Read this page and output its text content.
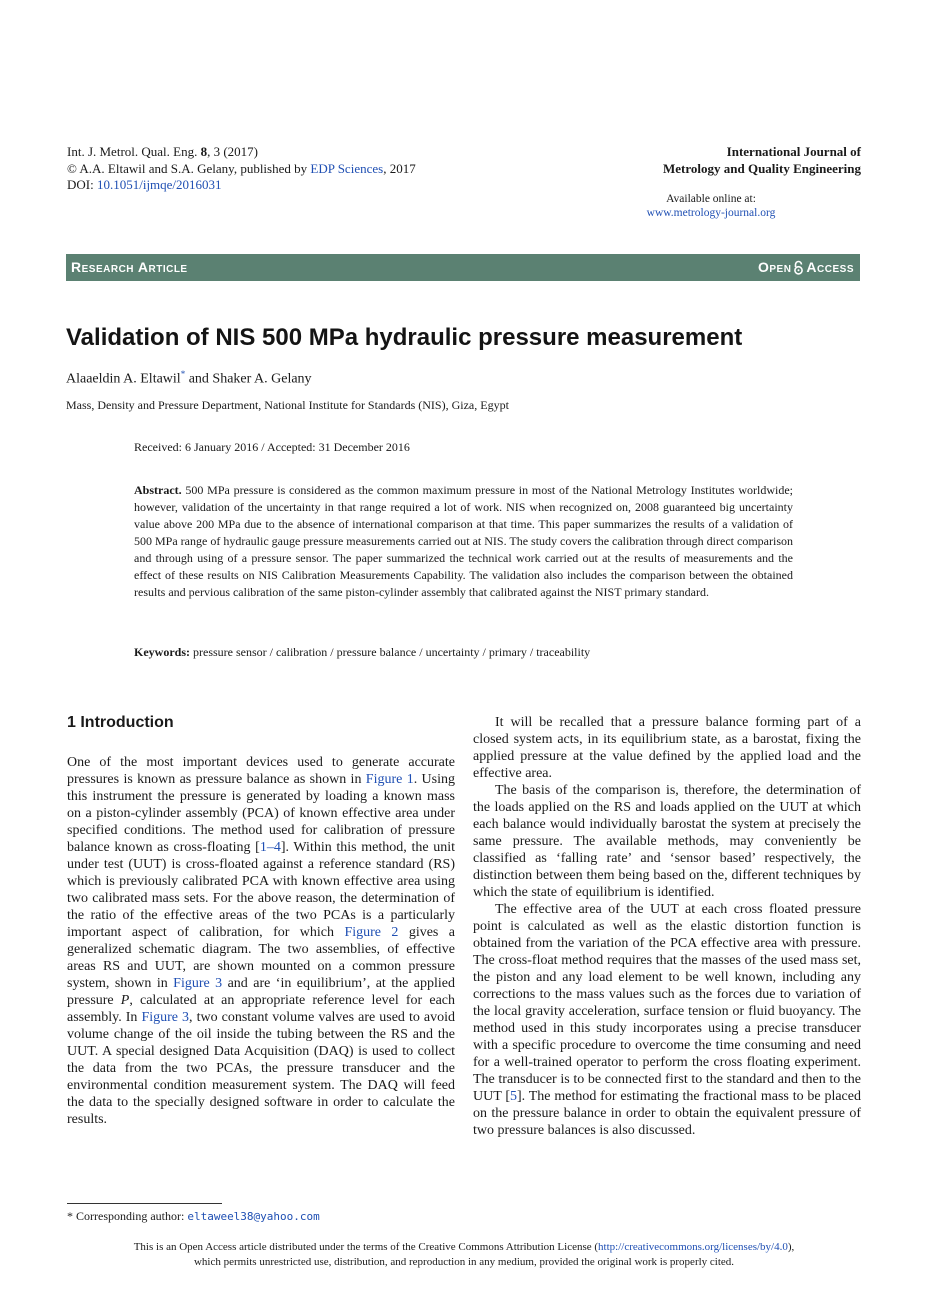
Int. J. Metrol. Qual. Eng. 8, 3 (2017)
© A.A. Eltawil and S.A. Gelany, published by EDP Sciences, 2017
DOI: 10.1051/ijmqe/2016031
International Journal of
Metrology and Quality Engineering
Available online at:
www.metrology-journal.org
Research Article	Open Access
Validation of NIS 500 MPa hydraulic pressure measurement
Alaaeldin A. Eltawil* and Shaker A. Gelany
Mass, Density and Pressure Department, National Institute for Standards (NIS), Giza, Egypt
Received: 6 January 2016 / Accepted: 31 December 2016
Abstract. 500 MPa pressure is considered as the common maximum pressure in most of the National Metrology Institutes worldwide; however, validation of the uncertainty in that range required a lot of work. NIS when recognized on, 2008 guaranteed big uncertainty value above 200 MPa due to the absence of international comparison at that time. This paper summarizes the results of a validation of 500 MPa range of hydraulic gauge pressure measurements carried out at NIS. The study covers the calibration through direct comparison and through using of a pressure sensor. The paper summarized the technical work carried out at the results of measurements and the effect of these results on NIS Calibration Measurements Capability. The validation also includes the comparison between the obtained results and pervious calibration of the same piston-cylinder assembly that calibrated against the NIST primary standard.
Keywords: pressure sensor / calibration / pressure balance / uncertainty / primary / traceability
1 Introduction

One of the most important devices used to generate accurate pressures is known as pressure balance as shown in Figure 1. Using this instrument the pressure is generated by loading a known mass on a piston-cylinder assembly (PCA) of known effective area under specified conditions. The method used for calibration of pressure balance known as cross-floating [1–4]. Within this method, the unit under test (UUT) is cross-floated against a reference standard (RS) which is previously calibrated PCA with known effective area using two calibrated mass sets. For the above reason, the determination of the ratio of the effective areas of the two PCAs is a particularly important aspect of calibration, for which Figure 2 gives a generalized schematic diagram. The two assemblies, of effective areas RS and UUT, are shown mounted on a common pressure system, shown in Figure 3 and are ‘in equilibrium’, at the applied pressure P, calculated at an appropriate reference level for each assembly. In Figure 3, two constant volume valves are used to avoid volume change of the oil inside the tubing between the RS and the UUT. A special designed Data Acquisition (DAQ) is used to collect the data from the two PCAs, the pressure transducer and the environmental condition measurement system. The DAQ will feed the data to the specially designed software in order to calculate the results.

It will be recalled that a pressure balance forming part of a closed system acts, in its equilibrium state, as a barostat, fixing the applied pressure at the value defined by the applied load and the effective area.

The basis of the comparison is, therefore, the determination of the loads applied on the RS and loads applied on the UUT at which each balance would individually barostat the system at precisely the same pressure. The available methods, may conveniently be classified as ‘falling rate’ and ‘sensor based’ respectively, the distinction between them being based on the, different techniques by which the state of equilibrium is identified.

The effective area of the UUT at each cross floated pressure point is calculated as well as the elastic distortion function is obtained from the variation of the PCA effective area with pressure. The cross-float method requires that the masses of the used mass set, the piston and any load element to be well known, including any corrections to the mass values such as the forces due to variation of the local gravity acceleration, surface tension or fluid buoyancy. The method used in this study incorporates using a precise transducer with a specific procedure to overcome the time consuming and need for a well-trained operator to perform the cross floating experiment. The transducer is to be connected first to the standard and then to the UUT [5]. The method for estimating the fractional mass to be placed on the pressure balance in order to obtain the equivalent pressure of two pressure balances is also discussed.

* Corresponding author: eltaweel38@yahoo.com
This is an Open Access article distributed under the terms of the Creative Commons Attribution License (http://creativecommons.org/licenses/by/4.0),
which permits unrestricted use, distribution, and reproduction in any medium, provided the original work is properly cited.
